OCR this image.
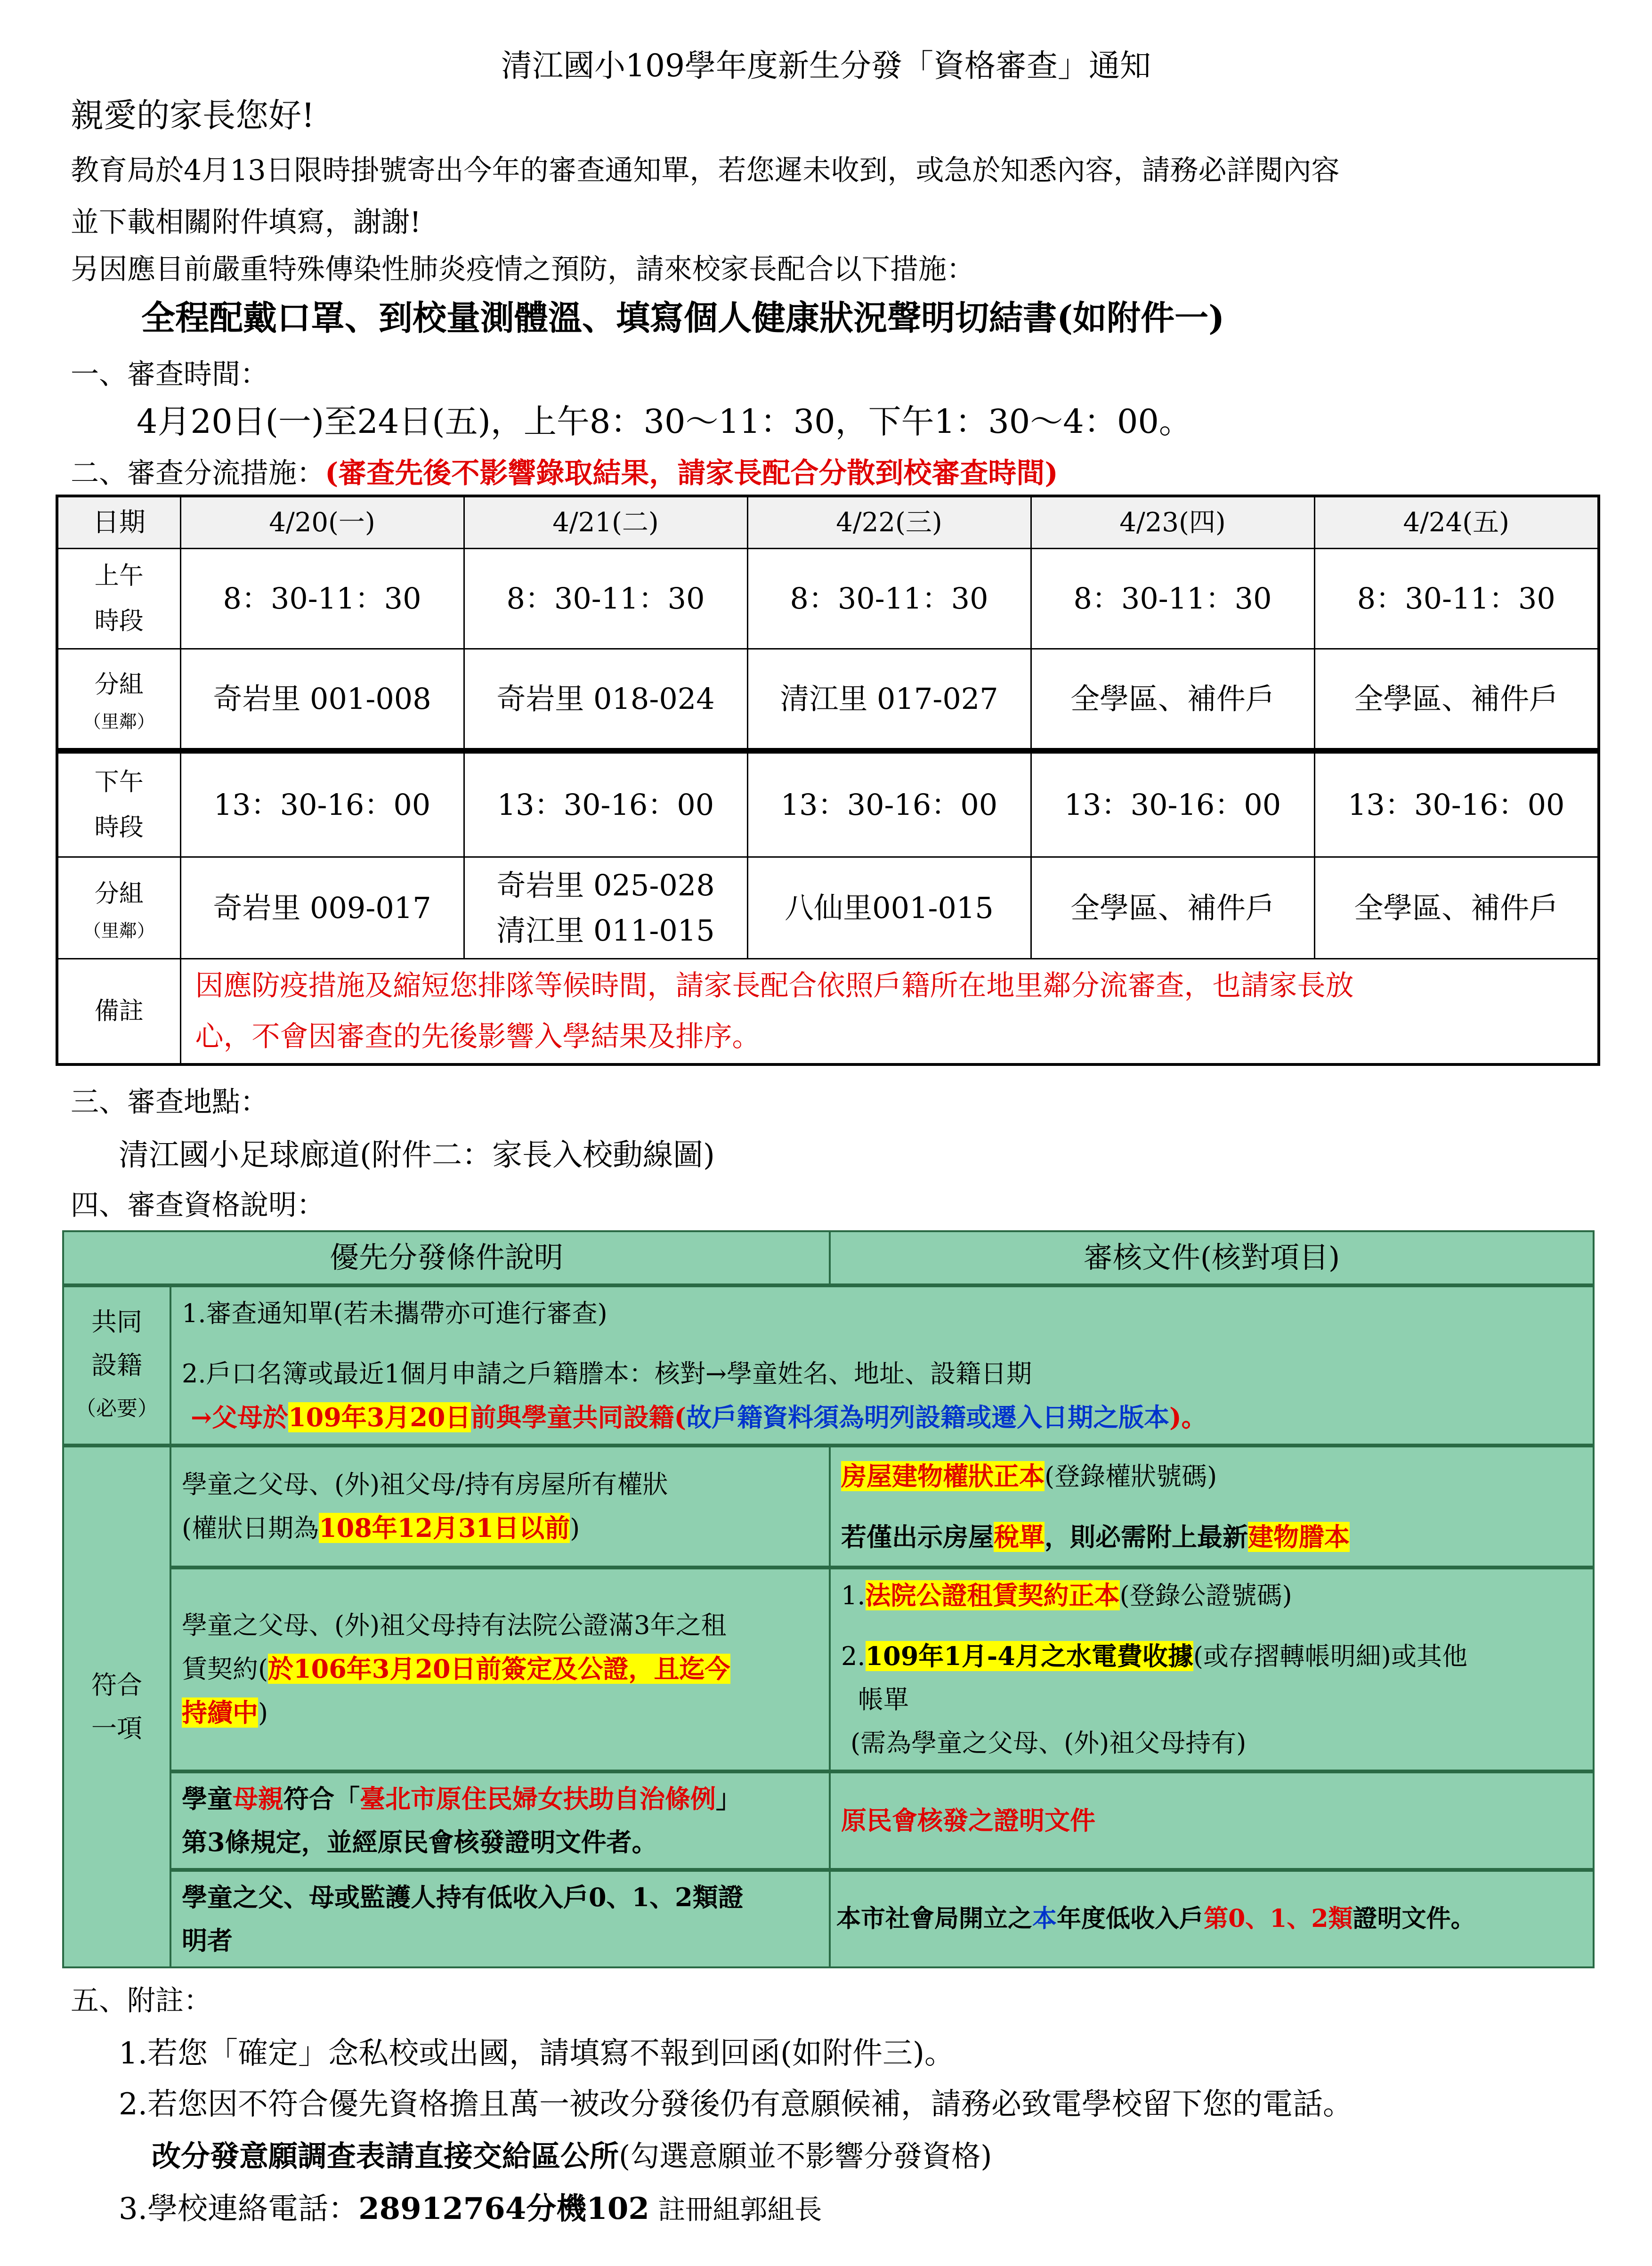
清江國小109學年度新生分發「資格審查」通知
親愛的家長您好!
教育局於4月13日限時掛號寄出今年的審查通知單，若您遲未收到，或急於知悉內容，請務必詳閱內容
並下載相關附件填寫，謝謝!
另因應目前嚴重特殊傳染性肺炎疫情之預防，請來校家長配合以下措施：
全程配戴口罩、到校量測體溫、填寫個人健康狀況聲明切結書(如附件一)
一、審查時間：
4月20日(一)至24日(五)，上午8：30～11：30，下午1：30～4：00。
二、審查分流措施：(審查先後不影響錄取結果，請家長配合分散到校審查時間)
日期	4/20(一)	4/21(二)	4/22(三)	4/23(四)	4/24(五)

上午
時段	8：30-11：30	8：30-11：30	8：30-11：30	8：30-11：30	8：30-11：30

分組
（里鄰）	奇岩里 001-008	奇岩里 018-024	清江里 017-027	全學區、補件戶	全學區、補件戶

下午
時段	13：30-16：00	13：30-16：00	13：30-16：00	13：30-16：00	13：30-16：00

分組
（里鄰）	奇岩里 009-017	奇岩里 025-028
清江里 011-015	八仙里001-015	全學區、補件戶	全學區、補件戶
備註	因應防疫措施及縮短您排隊等候時間，請家長配合依照戶籍所在地里鄰分流審查，也請家長放
心，不會因審查的先後影響入學結果及排序。				
三、審查地點：
清江國小足球廊道(附件二：家長入校動線圖)
四、審查資格說明：
優先分發條件說明		審核文件(核對項目)

共同
設籍
（必要）	1.審查通知單(若未攜帶亦可進行審查)
2.戶口名簿或最近1個月申請之戶籍謄本：核對→學童姓名、地址、設籍日期
→父母於109年3月20日前與學童共同設籍(故戶籍資料須為明列設籍或遷入日期之版本)。	

符合
一項	學童之父母、(外)祖父母/持有房屋所有權狀
(權狀日期為108年12月31日以前)	房屋建物權狀正本(登錄權狀號碼)
若僅出示房屋稅單，則必需附上最新建物謄本

	學童之父母、(外)祖父母持有法院公證滿3年之租
賃契約(於106年3月20日前簽定及公證，且迄今
持續中)	1.法院公證租賃契約正本(登錄公證號碼)
2.109年1月-4月之水電費收據(或存摺轉帳明細)或其他
帳單
(需為學童之父母、(外)祖父母持有)

	學童母親符合「臺北市原住民婦女扶助自治條例」
第3條規定，並經原民會核發證明文件者。	原民會核發之證明文件

	學童之父、母或監護人持有低收入戶0、1、2類證
明者	本市社會局開立之本年度低收入戶第0、1、2類證明文件。
五、附註：
1.若您「確定」念私校或出國，請填寫不報到回函(如附件三)。
2.若您因不符合優先資格擔且萬一被改分發後仍有意願候補，請務必致電學校留下您的電話。
改分發意願調查表請直接交給區公所(勾選意願並不影響分發資格)
3.學校連絡電話：28912764分機102 註冊組郭組長
